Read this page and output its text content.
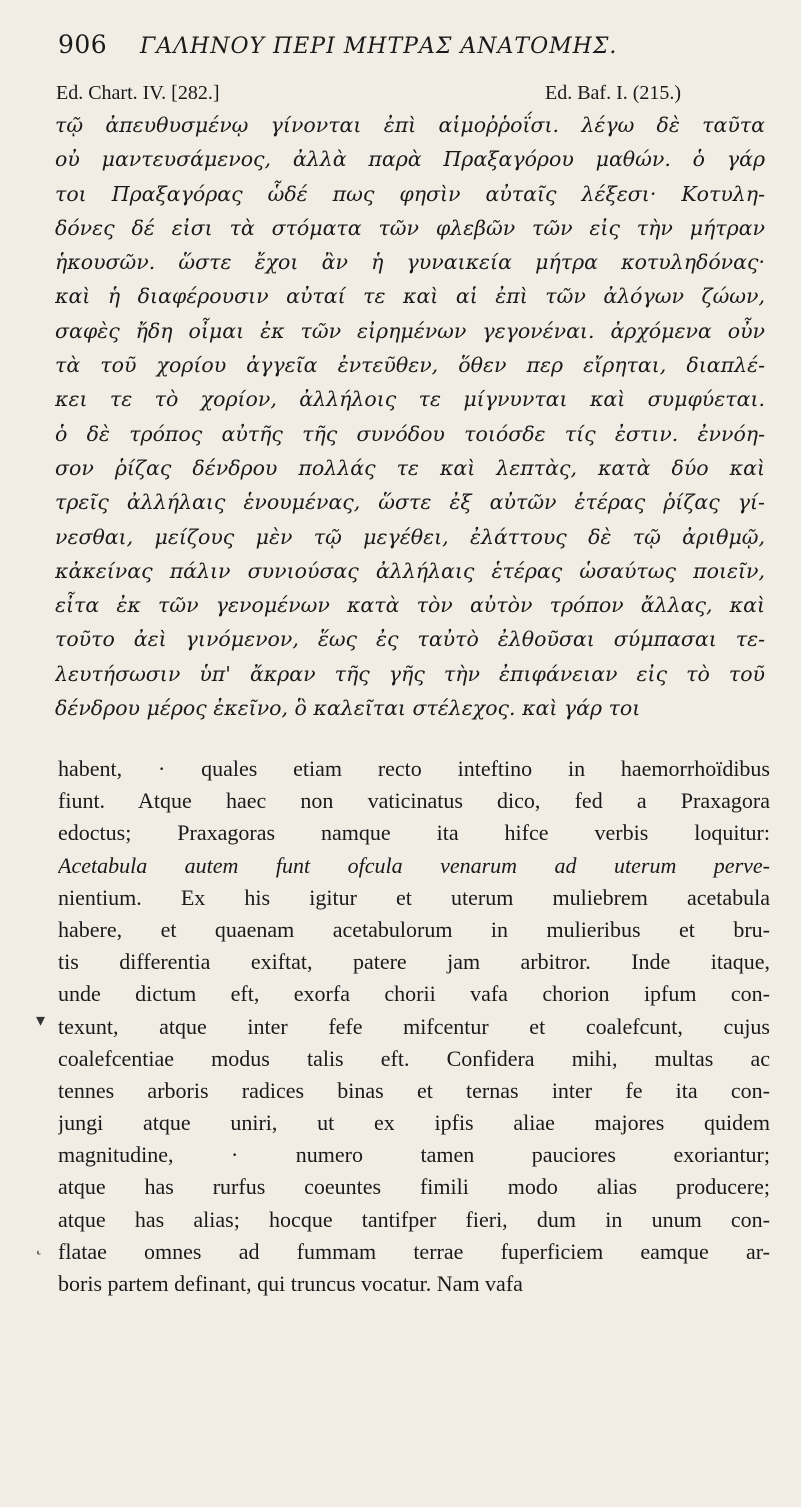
906 ΓΑΛΗΝΟΥ ΠΕΡΙ ΜΗΤΡΑΣ ΑΝΑΤΟΜΗΣ.
Ed. Chart. IV. [282.]	Ed. Baf. I. (215.)
τῷ ἀπευθυσμένῳ γίνονται ἐπὶ αἱμοῤῥοΐσι. λέγω δὲ ταῦτα
οὐ μαντευσάμενος, ἀλλὰ παρὰ Πραξαγόρου μαθών. ὁ γάρ
τοι Πραξαγόρας ὧδέ πως φησὶν αὐταῖς λέξεσι· Κοτυλη-
δόνες δέ εἰσι τὰ στόματα τῶν φλεβῶν τῶν εἰς τὴν μήτραν
ἡκουσῶν. ὥστε ἔχοι ἂν ἡ γυναικεία μήτρα κοτυληδόνας·
καὶ ἡ διαφέρουσιν αὐταί τε καὶ αἱ ἐπὶ τῶν ἀλόγων ζώων,
σαφὲς ἤδη οἶμαι ἐκ τῶν εἰρημένων γεγονέναι. ἀρχόμενα οὖν
τὰ τοῦ χορίου ἀγγεῖα ἐντεῦθεν, ὅθεν περ εἴρηται, διαπλέ-
κει τε τὸ χορίον, ἀλλήλοις τε μίγνυνται καὶ συμφύεται.
ὁ δὲ τρόπος αὐτῆς τῆς συνόδου τοιόσδε τίς ἐστιν. ἐννόη-
σον ῥίζας δένδρου πολλάς τε καὶ λεπτὰς, κατὰ δύο καὶ
τρεῖς ἀλλήλαις ἑνουμένας, ὥστε ἐξ αὐτῶν ἑτέρας ῥίζας γί-
νεσθαι, μείζους μὲν τῷ μεγέθει, ἐλάττους δὲ τῷ ἀριθμῷ,
κἀκείνας πάλιν συνιούσας ἀλλήλαις ἑτέρας ὡσαύτως ποιεῖν,
εἶτα ἐκ τῶν γενομένων κατὰ τὸν αὐτὸν τρόπον ἄλλας, καὶ
τοῦτο ἀεὶ γινόμενον, ἕως ἐς ταὐτὸ ἐλθοῦσαι σύμπασαι τε-
λευτήσωσιν ὑπ' ἄκραν τῆς γῆς τὴν ἐπιφάνειαν εἰς τὸ τοῦ
δένδρου μέρος ἐκεῖνο, ὃ καλεῖται στέλεχος. καὶ γάρ τοι
▾
˛
habent, · quales etiam recto inteftino in haemorrhoïdibus
fiunt. Atque haec non vaticinatus dico, fed a Praxagora
edoctus; Praxagoras namque ita hifce verbis loquitur:
Acetabula autem funt ofcula venarum ad uterum perve-
nientium. Ex his igitur et uterum muliebrem acetabula
habere, et quaenam acetabulorum in mulieribus et bru-
tis differentia exiftat, patere jam arbitror. Inde itaque,
unde dictum eft, exorfa chorii vafa chorion ipfum con-
texunt, atque inter fefe mifcentur et coalefcunt, cujus
coalefcentiae modus talis eft. Confidera mihi, multas ac
tennes arboris radices binas et ternas inter fe ita con-
jungi atque uniri, ut ex ipfis aliae majores quidem
magnitudine, · numero tamen pauciores exoriantur;
atque has rurfus coeuntes fimili modo alias producere;
atque has alias; hocque tantifper fieri, dum in unum con-
flatae omnes ad fummam terrae fuperficiem eamque ar-
boris partem definant, qui truncus vocatur. Nam vafa
